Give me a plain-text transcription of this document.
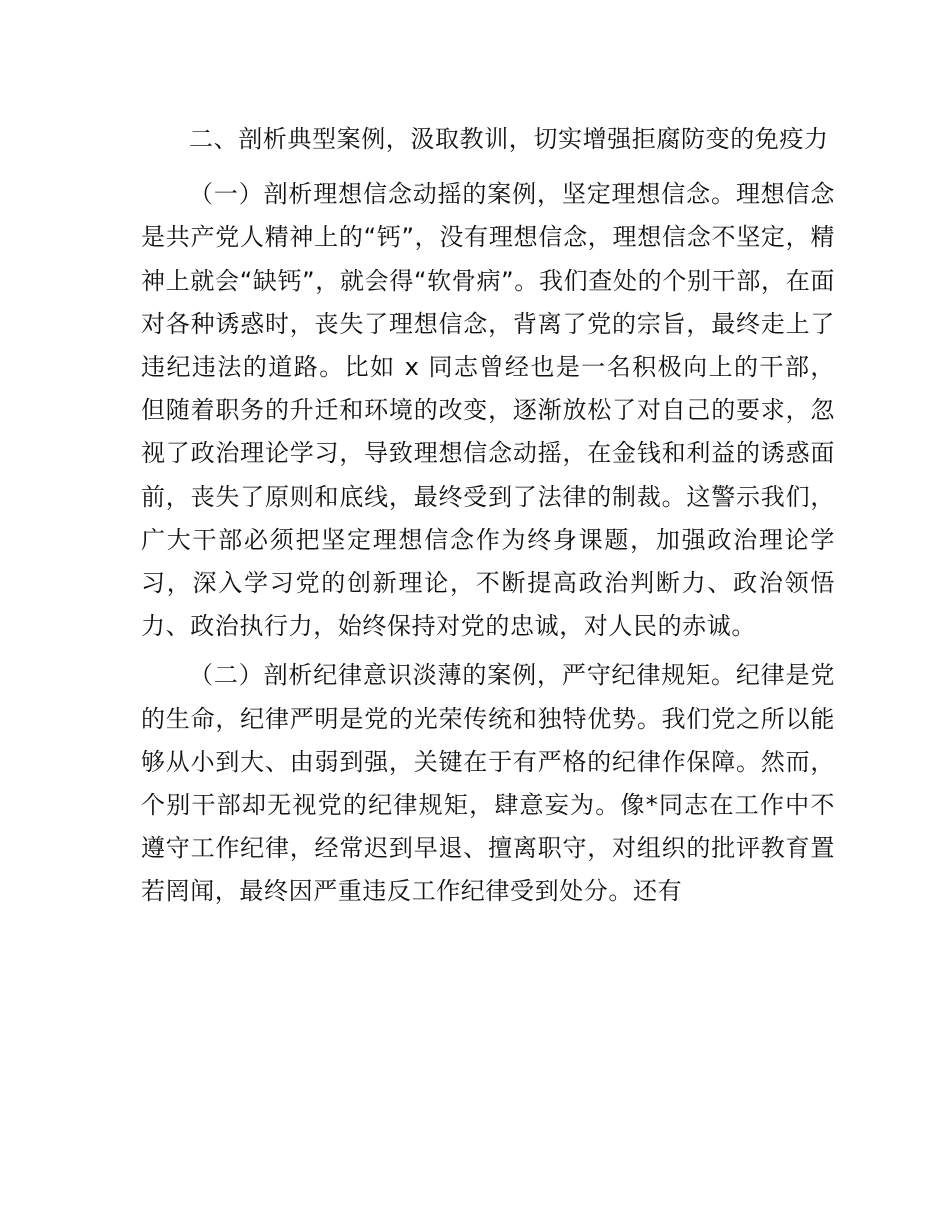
二、剖析典型案例，汲取教训，切实增强拒腐防变的免疫力

（一）剖析理想信念动摇的案例，坚定理想信念。理想信念是共产党人精神上的“钙”，没有理想信念，理想信念不坚定，精神上就会“缺钙”，就会得“软骨病”。我们查处的个别干部，在面对各种诱惑时，丧失了理想信念，背离了党的宗旨，最终走上了违纪违法的道路。比如 x 同志曾经也是一名积极向上的干部，但随着职务的升迁和环境的改变，逐渐放松了对自己的要求，忽视了政治理论学习，导致理想信念动摇，在金钱和利益的诱惑面前，丧失了原则和底线，最终受到了法律的制裁。这警示我们，广大干部必须把坚定理想信念作为终身课题，加强政治理论学习，深入学习党的创新理论，不断提高政治判断力、政治领悟力、政治执行力，始终保持对党的忠诚，对人民的赤诚。

（二）剖析纪律意识淡薄的案例，严守纪律规矩。纪律是党的生命，纪律严明是党的光荣传统和独特优势。我们党之所以能够从小到大、由弱到强，关键在于有严格的纪律作保障。然而，个别干部却无视党的纪律规矩，肆意妄为。像*同志在工作中不遵守工作纪律，经常迟到早退、擅离职守，对组织的批评教育置若罔闻，最终因严重违反工作纪律受到处分。还有
